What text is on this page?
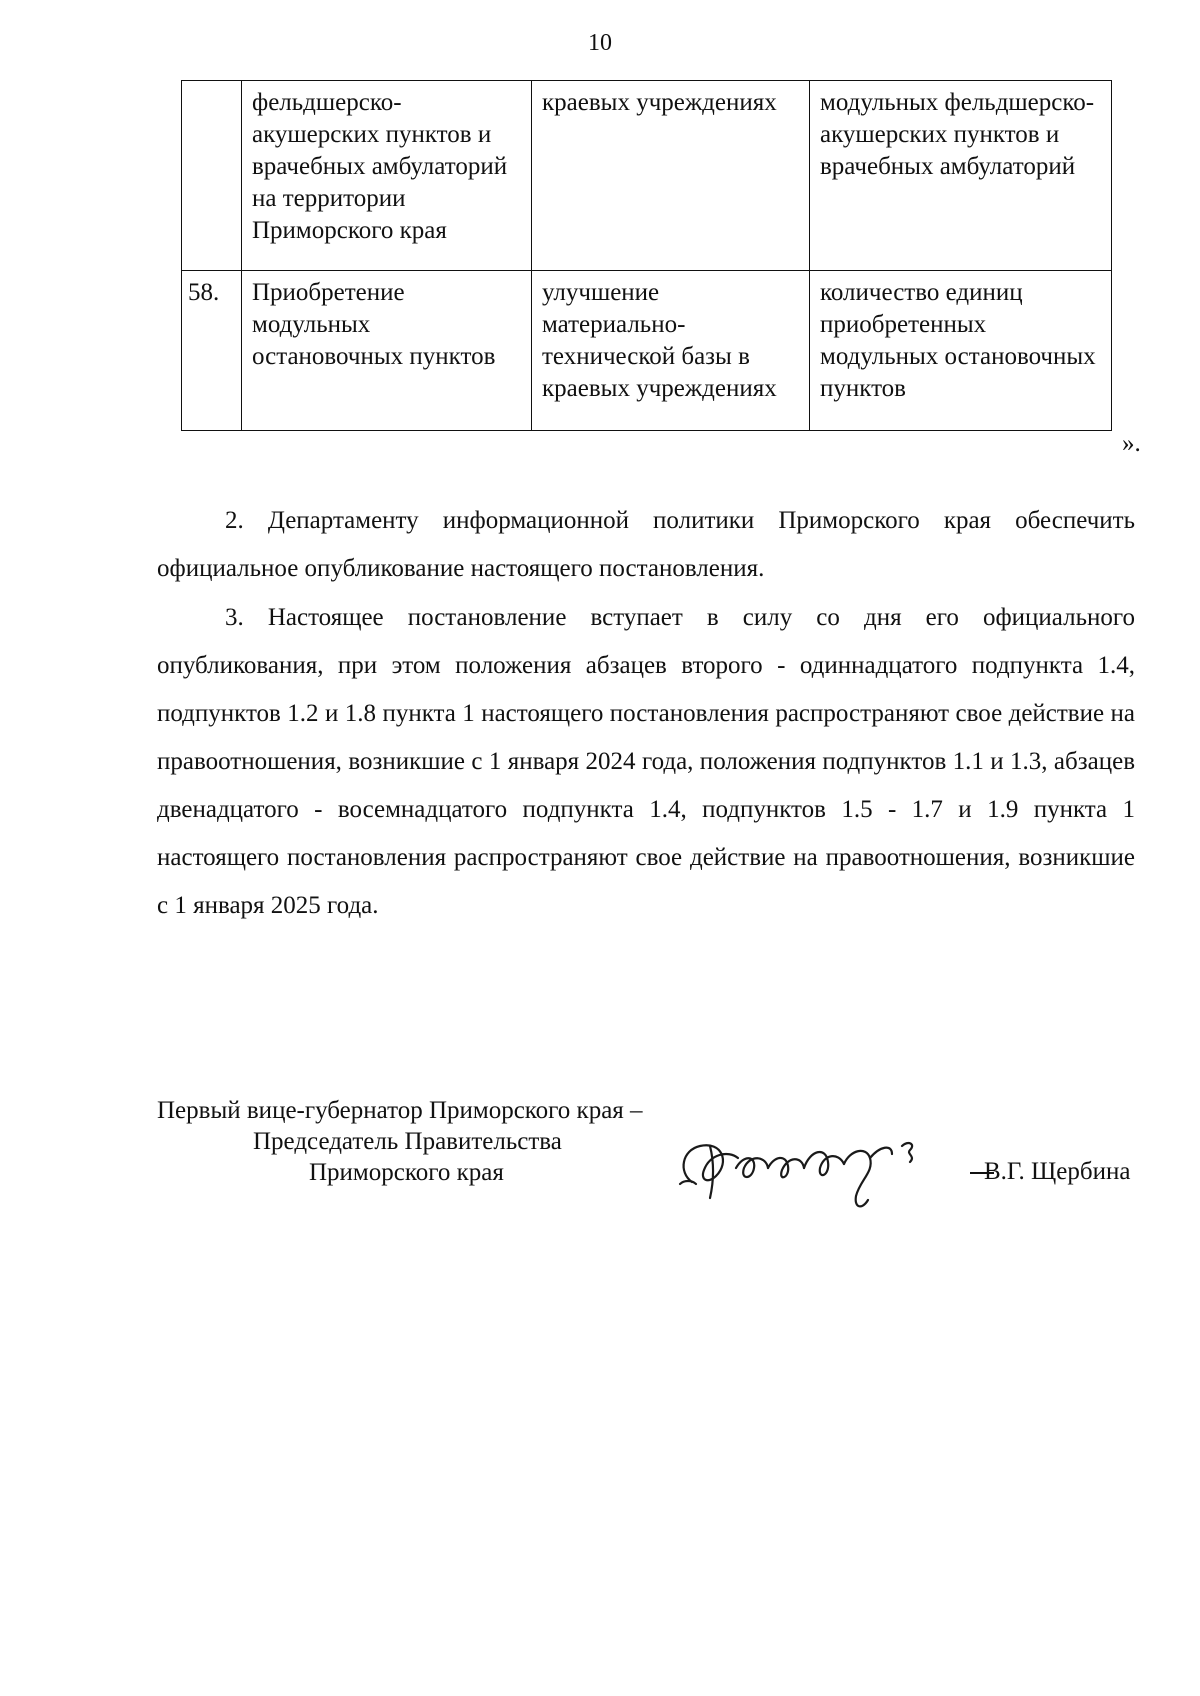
10
	фельдшерско-акушерских пунктов и врачебных амбулаторий на территории Приморского края	краевых учреждениях	модульных фельдшерско-акушерских пунктов и врачебных амбулаторий
58.	Приобретение модульных остановочных пунктов	улучшение материально-технической базы в краевых учреждениях	количество единиц приобретенных модульных остановочных пунктов
».

2. Департаменту информационной политики Приморского края обеспечить официальное опубликование настоящего постановления.

3. Настоящее постановление вступает в силу со дня его официального опубликования, при этом положения абзацев второго - одиннадцатого подпункта 1.4, подпунктов 1.2 и 1.8 пункта 1 настоящего постановления распространяют свое действие на правоотношения, возникшие с 1 января 2024 года, положения подпунктов 1.1 и 1.3, абзацев двенадцатого - восемнадцатого подпункта 1.4, подпунктов 1.5 - 1.7 и 1.9 пункта 1 настоящего постановления распространяют свое действие на правоотношения, возникшие с 1 января 2025 года.

Первый вице-губернатор Приморского края –
Председатель Правительства
Приморского края	В.Г. Щербина
